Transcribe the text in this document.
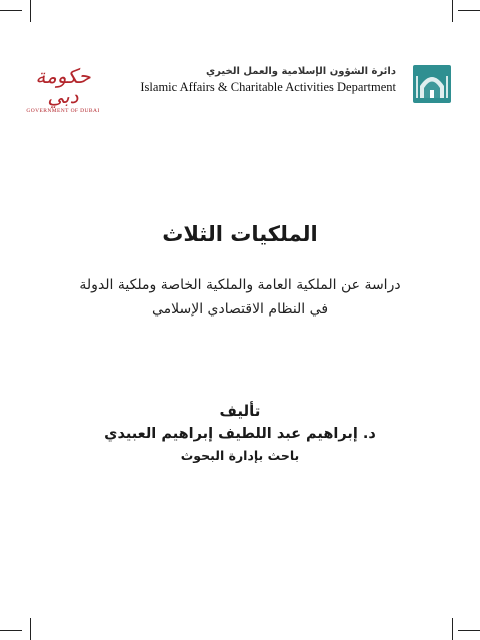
حكومة دبي
GOVERNMENT OF DUBAI
دائرة الشؤون الإسلامية والعمل الخيري
Islamic Affairs & Charitable Activities Department
الملكيات الثلاث
دراسة عن الملكية العامة والملكية الخاصة وملكية الدولة
في النظام الاقتصادي الإسلامي
تأليف
د. إبراهيم عبد اللطيف إبراهيم العبيدي
باحث بإدارة البحوث
